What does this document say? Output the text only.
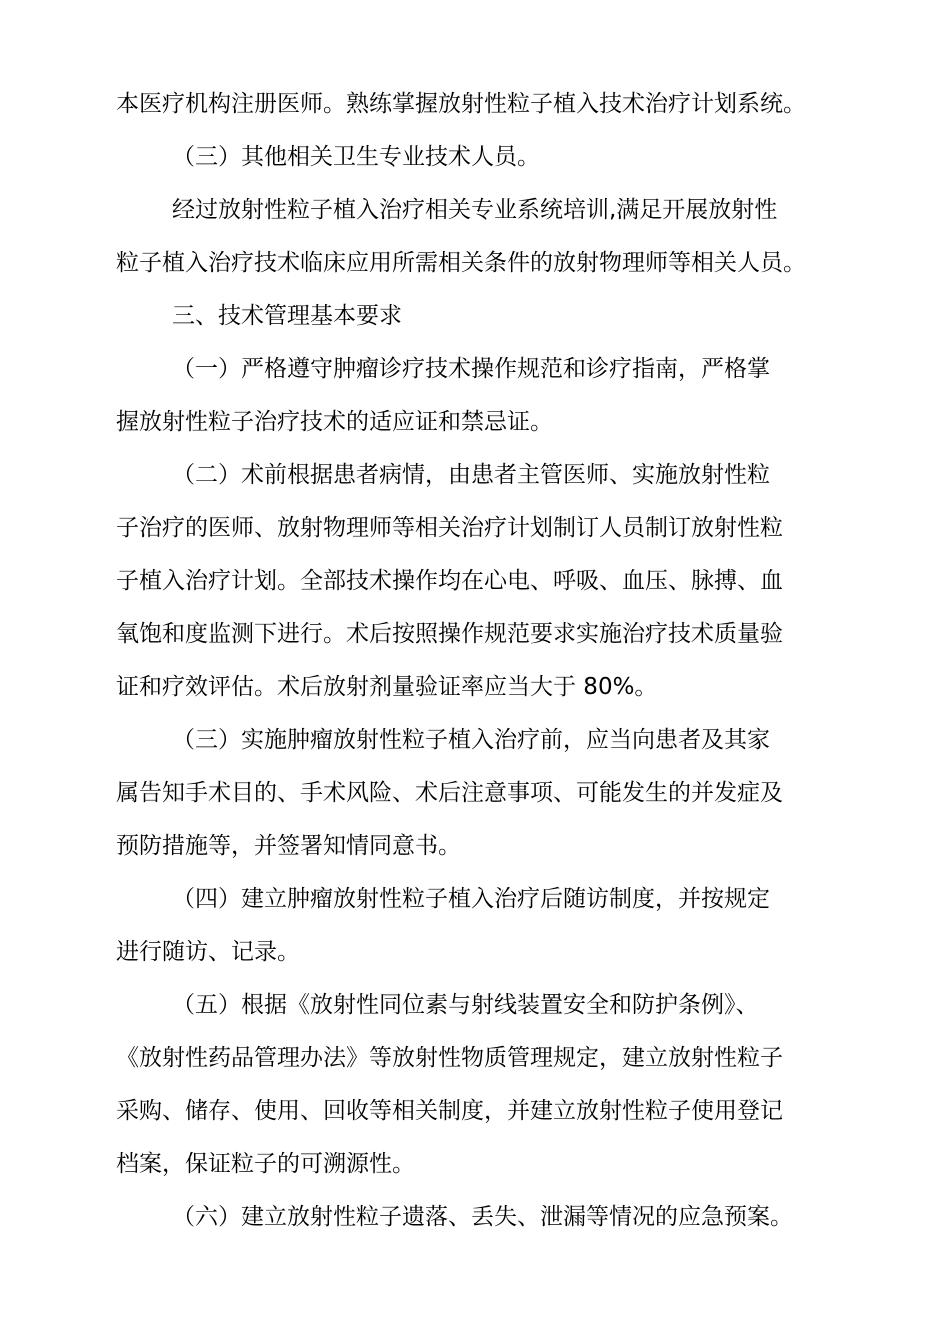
本医疗机构注册医师。熟练掌握放射性粒子植入技术治疗计划系统。
（三）其他相关卫生专业技术人员。
经过放射性粒子植入治疗相关专业系统培训,满足开展放射性
粒子植入治疗技术临床应用所需相关条件的放射物理师等相关人员。
三、技术管理基本要求
（一）严格遵守肿瘤诊疗技术操作规范和诊疗指南，严格掌
握放射性粒子治疗技术的适应证和禁忌证。
（二）术前根据患者病情，由患者主管医师、实施放射性粒
子治疗的医师、放射物理师等相关治疗计划制订人员制订放射性粒
子植入治疗计划。全部技术操作均在心电、呼吸、血压、脉搏、血
氧饱和度监测下进行。术后按照操作规范要求实施治疗技术质量验
证和疗效评估。术后放射剂量验证率应当大于 80%。
（三）实施肿瘤放射性粒子植入治疗前，应当向患者及其家
属告知手术目的、手术风险、术后注意事项、可能发生的并发症及
预防措施等，并签署知情同意书。
（四）建立肿瘤放射性粒子植入治疗后随访制度，并按规定
进行随访、记录。
（五）根据《放射性同位素与射线装置安全和防护条例》、
《放射性药品管理办法》等放射性物质管理规定，建立放射性粒子
采购、储存、使用、回收等相关制度，并建立放射性粒子使用登记
档案，保证粒子的可溯源性。
（六）建立放射性粒子遗落、丢失、泄漏等情况的应急预案。
